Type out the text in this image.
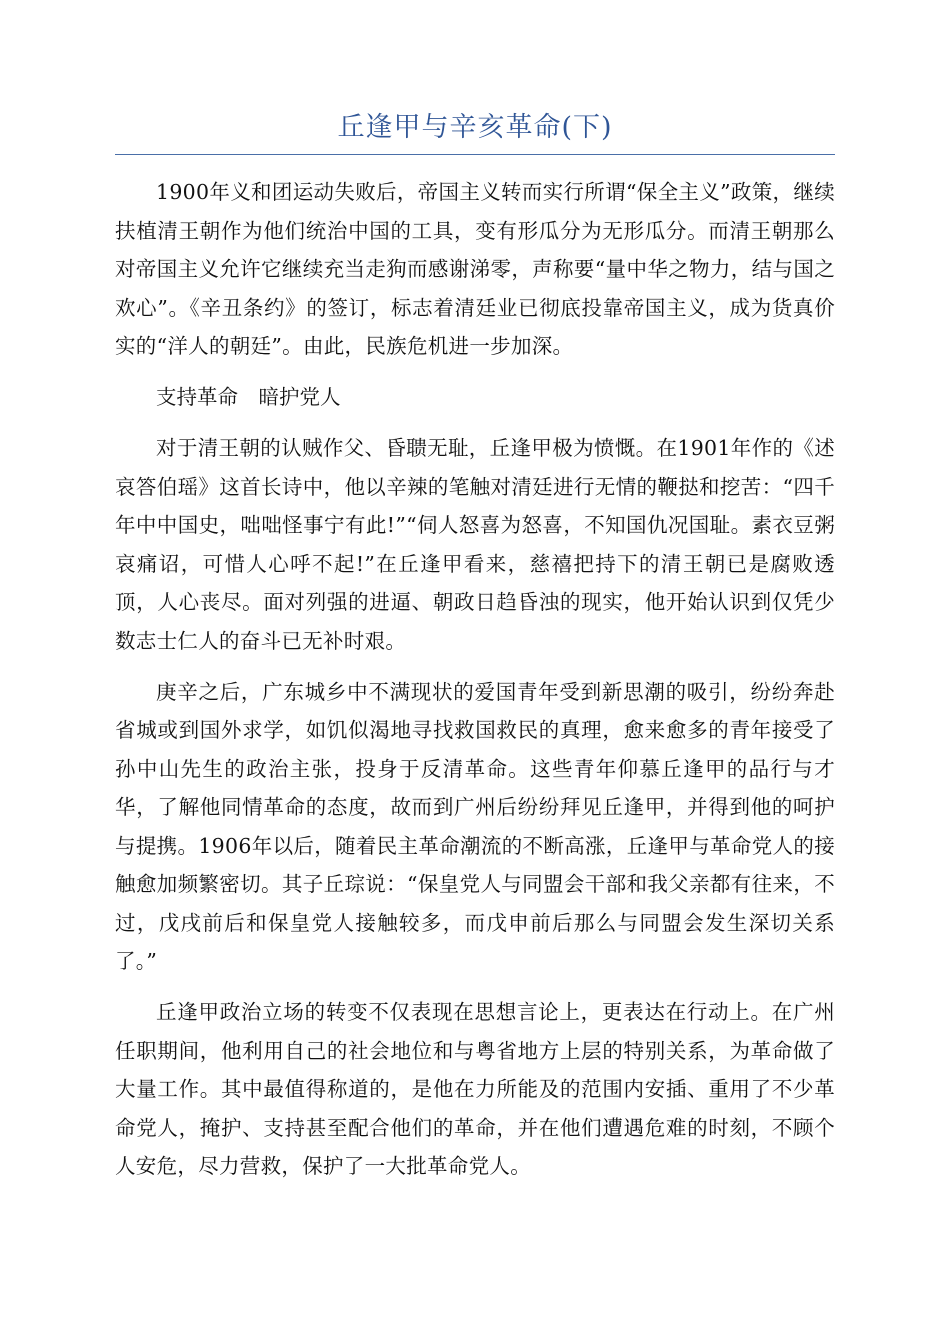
丘逢甲与辛亥革命(下)

1900年义和团运动失败后，帝国主义转而实行所谓“保全主义”政策，继续扶植清王朝作为他们统治中国的工具，变有形瓜分为无形瓜分。而清王朝那么对帝国主义允许它继续充当走狗而感谢涕零，声称要“量中华之物力，结与国之欢心”。《辛丑条约》的签订，标志着清廷业已彻底投靠帝国主义，成为货真价实的“洋人的朝廷”。由此，民族危机进一步加深。

支持革命　暗护党人

对于清王朝的认贼作父、昏聩无耻，丘逢甲极为愤慨。在1901年作的《述哀答伯瑶》这首长诗中，他以辛辣的笔触对清廷进行无情的鞭挞和挖苦：“四千年中中国史，咄咄怪事宁有此!”“伺人怒喜为怒喜，不知国仇况国耻。素衣豆粥哀痛诏，可惜人心呼不起!”在丘逢甲看来，慈禧把持下的清王朝已是腐败透顶，人心丧尽。面对列强的进逼、朝政日趋昏浊的现实，他开始认识到仅凭少数志士仁人的奋斗已无补时艰。

庚辛之后，广东城乡中不满现状的爱国青年受到新思潮的吸引，纷纷奔赴省城或到国外求学，如饥似渴地寻找救国救民的真理，愈来愈多的青年接受了孙中山先生的政治主张，投身于反清革命。这些青年仰慕丘逢甲的品行与才华，了解他同情革命的态度，故而到广州后纷纷拜见丘逢甲，并得到他的呵护与提携。1906年以后，随着民主革命潮流的不断高涨，丘逢甲与革命党人的接触愈加频繁密切。其子丘琮说：“保皇党人与同盟会干部和我父亲都有往来，不过，戊戌前后和保皇党人接触较多，而戊申前后那么与同盟会发生深切关系了。”

丘逢甲政治立场的转变不仅表现在思想言论上，更表达在行动上。在广州任职期间，他利用自己的社会地位和与粤省地方上层的特别关系，为革命做了大量工作。其中最值得称道的，是他在力所能及的范围内安插、重用了不少革命党人，掩护、支持甚至配合他们的革命，并在他们遭遇危难的时刻，不顾个人安危，尽力营救，保护了一大批革命党人。
